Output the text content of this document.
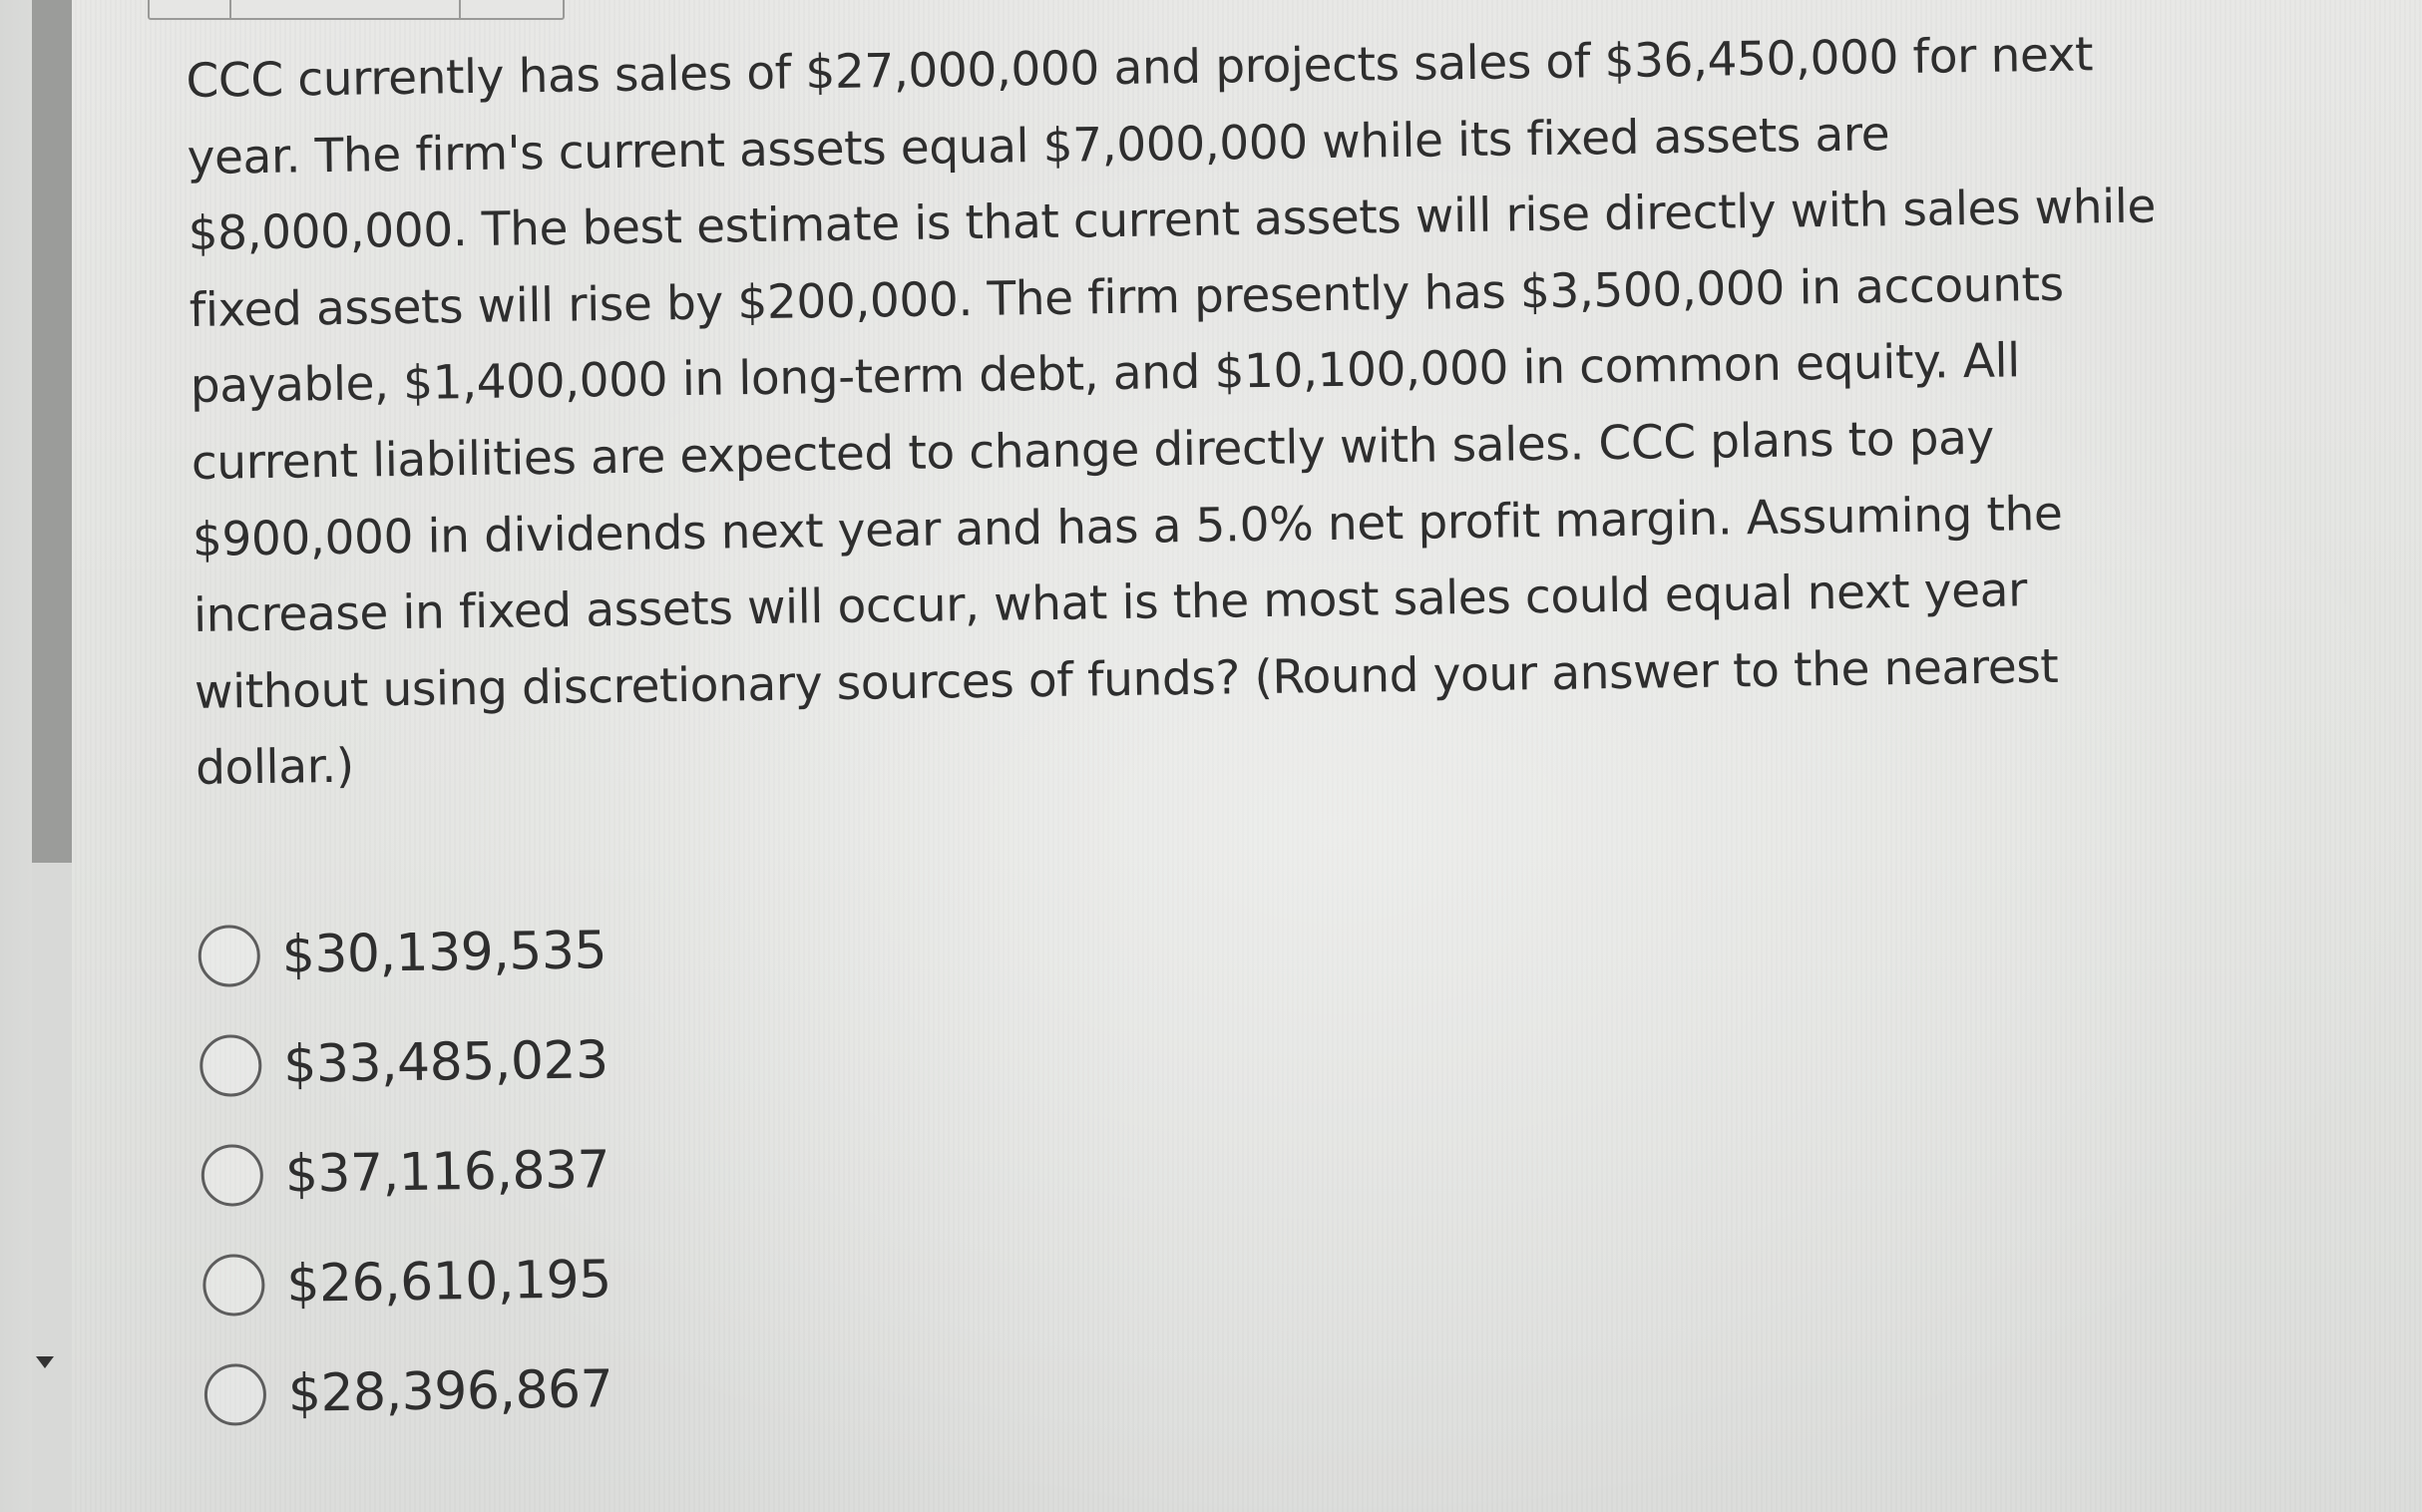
CCC currently has sales of $27,000,000 and projects sales of $36,450,000 for next
year. The firm's current assets equal $7,000,000 while its fixed assets are
$8,000,000. The best estimate is that current assets will rise directly with sales while
fixed assets will rise by $200,000. The firm presently has $3,500,000 in accounts
payable, $1,400,000 in long-term debt, and $10,100,000 in common equity. All
current liabilities are expected to change directly with sales. CCC plans to pay
$900,000 in dividends next year and has a 5.0% net profit margin. Assuming the
increase in fixed assets will occur, what is the most sales could equal next year
without using discretionary sources of funds? (Round your answer to the nearest
dollar.)

$30,139,535
$33,485,023
$37,116,837
$26,610,195
$28,396,867
